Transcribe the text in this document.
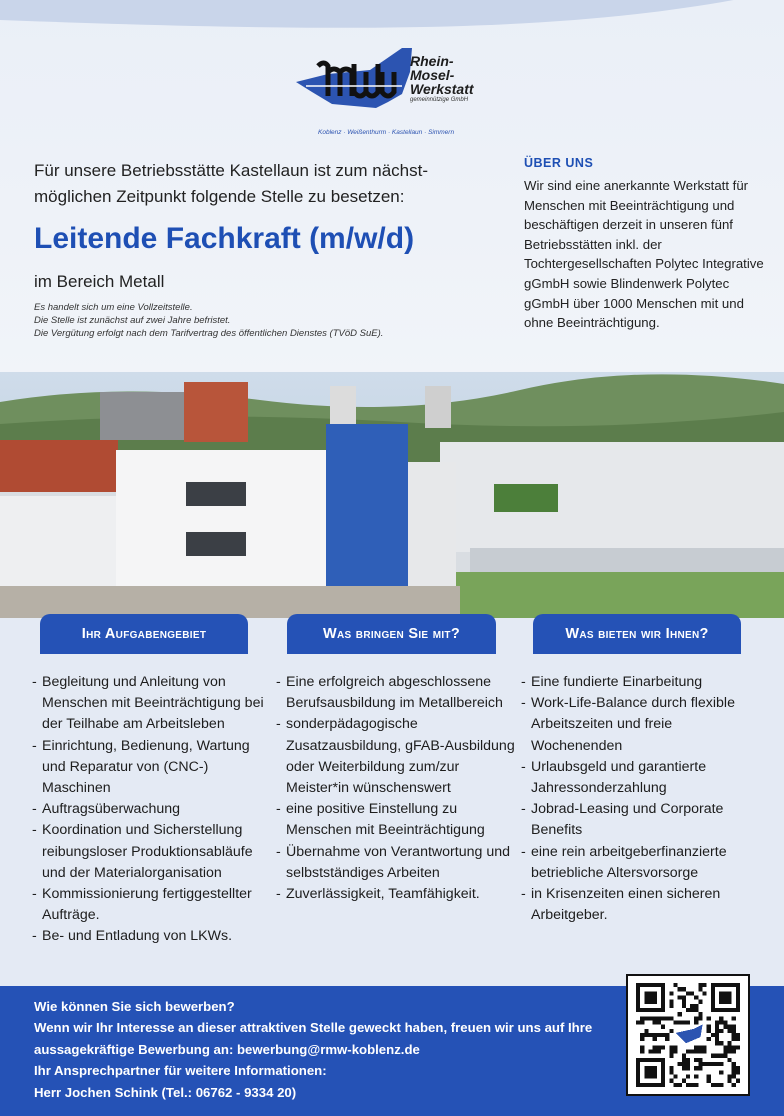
Rhein-
Mosel-
Werkstatt
gemeinnützige GmbH
Koblenz · Weißenthurm · Kastellaun · Simmern
Für unsere Betriebsstätte Kastellaun ist zum nächst-
möglichen Zeitpunkt folgende Stelle zu besetzen:
Leitende Fachkraft (m/w/d)
im Bereich Metall
Es handelt sich um eine Vollzeitstelle.
Die Stelle ist zunächst auf zwei Jahre befristet.
Die Vergütung erfolgt nach dem Tarifvertrag des öffentlichen Dienstes (TVöD SuE).
ÜBER UNS
Wir sind eine anerkannte Werkstatt für Menschen mit Beeinträchtigung und beschäftigen derzeit in unseren fünf Betriebsstätten inkl. der Tochtergesellschaften Polytec Integrative gGmbH sowie Blindenwerk Polytec gGmbH über 1000 Menschen mit und ohne Beeinträchtigung.
Ihr Aufgabengebiet	Was bringen Sie mit?	Was bieten wir Ihnen?
- Begleitung und Anleitung von Menschen mit Beeinträchtigung bei der Teilhabe am Arbeitsleben
- Einrichtung, Bedienung, Wartung und Reparatur von (CNC-) Maschinen
- Auftragsüberwachung
- Koordination und Sicherstellung reibungsloser Produktionsabläufe und der Materialorganisation
- Kommissionierung fertiggestellter Aufträge.
- Be- und Entladung von LKWs.
- Eine erfolgreich abgeschlossene Berufsausbildung im Metallbereich
- sonderpädagogische Zusatzausbildung, gFAB-Ausbildung oder Weiterbildung zum/zur Meister*in wünschenswert
- eine positive Einstellung zu Menschen mit Beeinträchtigung
- Übernahme von Verantwortung und selbstständiges Arbeiten
- Zuverlässigkeit, Teamfähigkeit.
- Eine fundierte Einarbeitung
- Work-Life-Balance durch flexible Arbeitszeiten und freie Wochenenden
- Urlaubsgeld und garantierte Jahressonderzahlung
- Jobrad-Leasing und Corporate Benefits
- eine rein arbeitgeberfinanzierte betriebliche Altersvorsorge
- in Krisenzeiten einen sicheren Arbeitgeber.
Wie können Sie sich bewerben?
Wenn wir Ihr Interesse an dieser attraktiven Stelle geweckt haben, freuen wir uns auf Ihre
aussagekräftige Bewerbung an: bewerbung@rmw-koblenz.de
Ihr Ansprechpartner für weitere Informationen:
Herr Jochen Schink (Tel.: 06762 - 9334 20)
